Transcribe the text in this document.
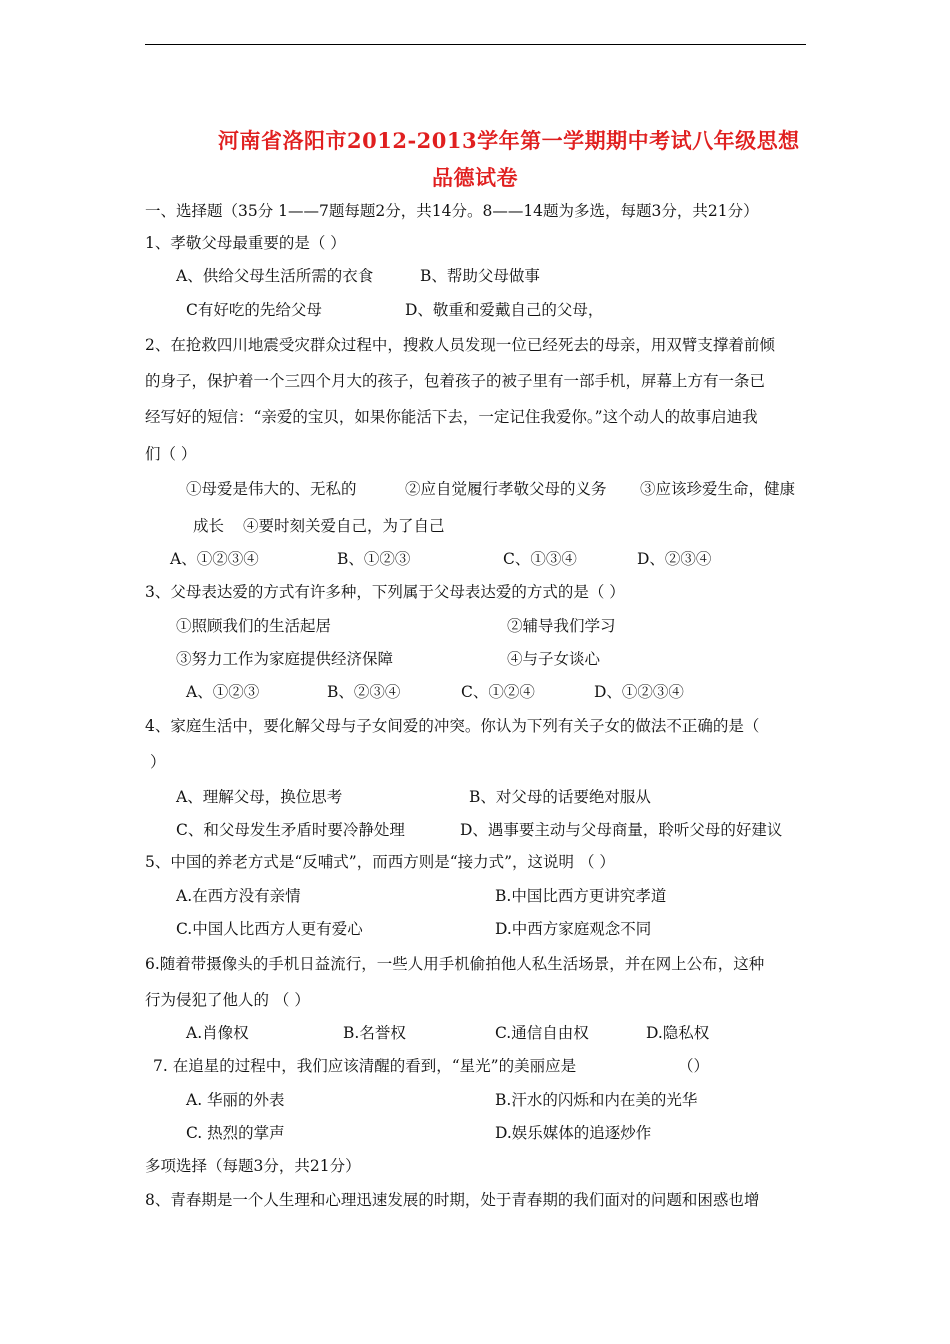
河南省洛阳市2012-2013学年第一学期期中考试八年级思想
品德试卷
一、选择题（35分 1——7题每题2分，共14分。8——14题为多选，每题3分，共21分）
1、孝敬父母最重要的是（ ）
A、供给父母生活所需的衣食	B、帮助父母做事
C有好吃的先给父母	D、敬重和爱戴自己的父母，
2、在抢救四川地震受灾群众过程中，搜救人员发现一位已经死去的母亲，用双臂支撑着前倾
的身子，保护着一个三四个月大的孩子，包着孩子的被子里有一部手机，屏幕上方有一条已
经写好的短信：“亲爱的宝贝，如果你能活下去，一定记住我爱你。”这个动人的故事启迪我
们（ ）
①母爱是伟大的、无私的	②应自觉履行孝敬父母的义务 ③应该珍爱生命，健康
成长 ④要时刻关爱自己，为了自己
A、①②③④	B、①②③	C、①③④	D、②③④
3、父母表达爱的方式有许多种，下列属于父母表达爱的方式的是（ ）
①照顾我们的生活起居	②辅导我们学习
③努力工作为家庭提供经济保障	④与子女谈心
A、①②③	B、②③④	C、①②④	D、①②③④
4、家庭生活中，要化解父母与子女间爱的冲突。你认为下列有关子女的做法不正确的是（
）
A、理解父母，换位思考	B、对父母的话要绝对服从
C、和父母发生矛盾时要冷静处理	D、遇事要主动与父母商量，聆听父母的好建议
5、中国的养老方式是“反哺式”，而西方则是“接力式”，这说明 （ ）
A.在西方没有亲情	B.中国比西方更讲究孝道
C.中国人比西方人更有爱心	D.中西方家庭观念不同
6.随着带摄像头的手机日益流行，一些人用手机偷拍他人私生活场景，并在网上公布，这种
行为侵犯了他人的 （ ）
A.肖像权	B.名誉权	C.通信自由权	D.隐私权
7. 在追星的过程中，我们应该清醒的看到，“星光”的美丽应是	（）
A. 华丽的外表	B.汗水的闪烁和内在美的光华
C. 热烈的掌声	D.娱乐媒体的追逐炒作
多项选择（每题3分，共21分）
8、青春期是一个人生理和心理迅速发展的时期，处于青春期的我们面对的问题和困惑也增
